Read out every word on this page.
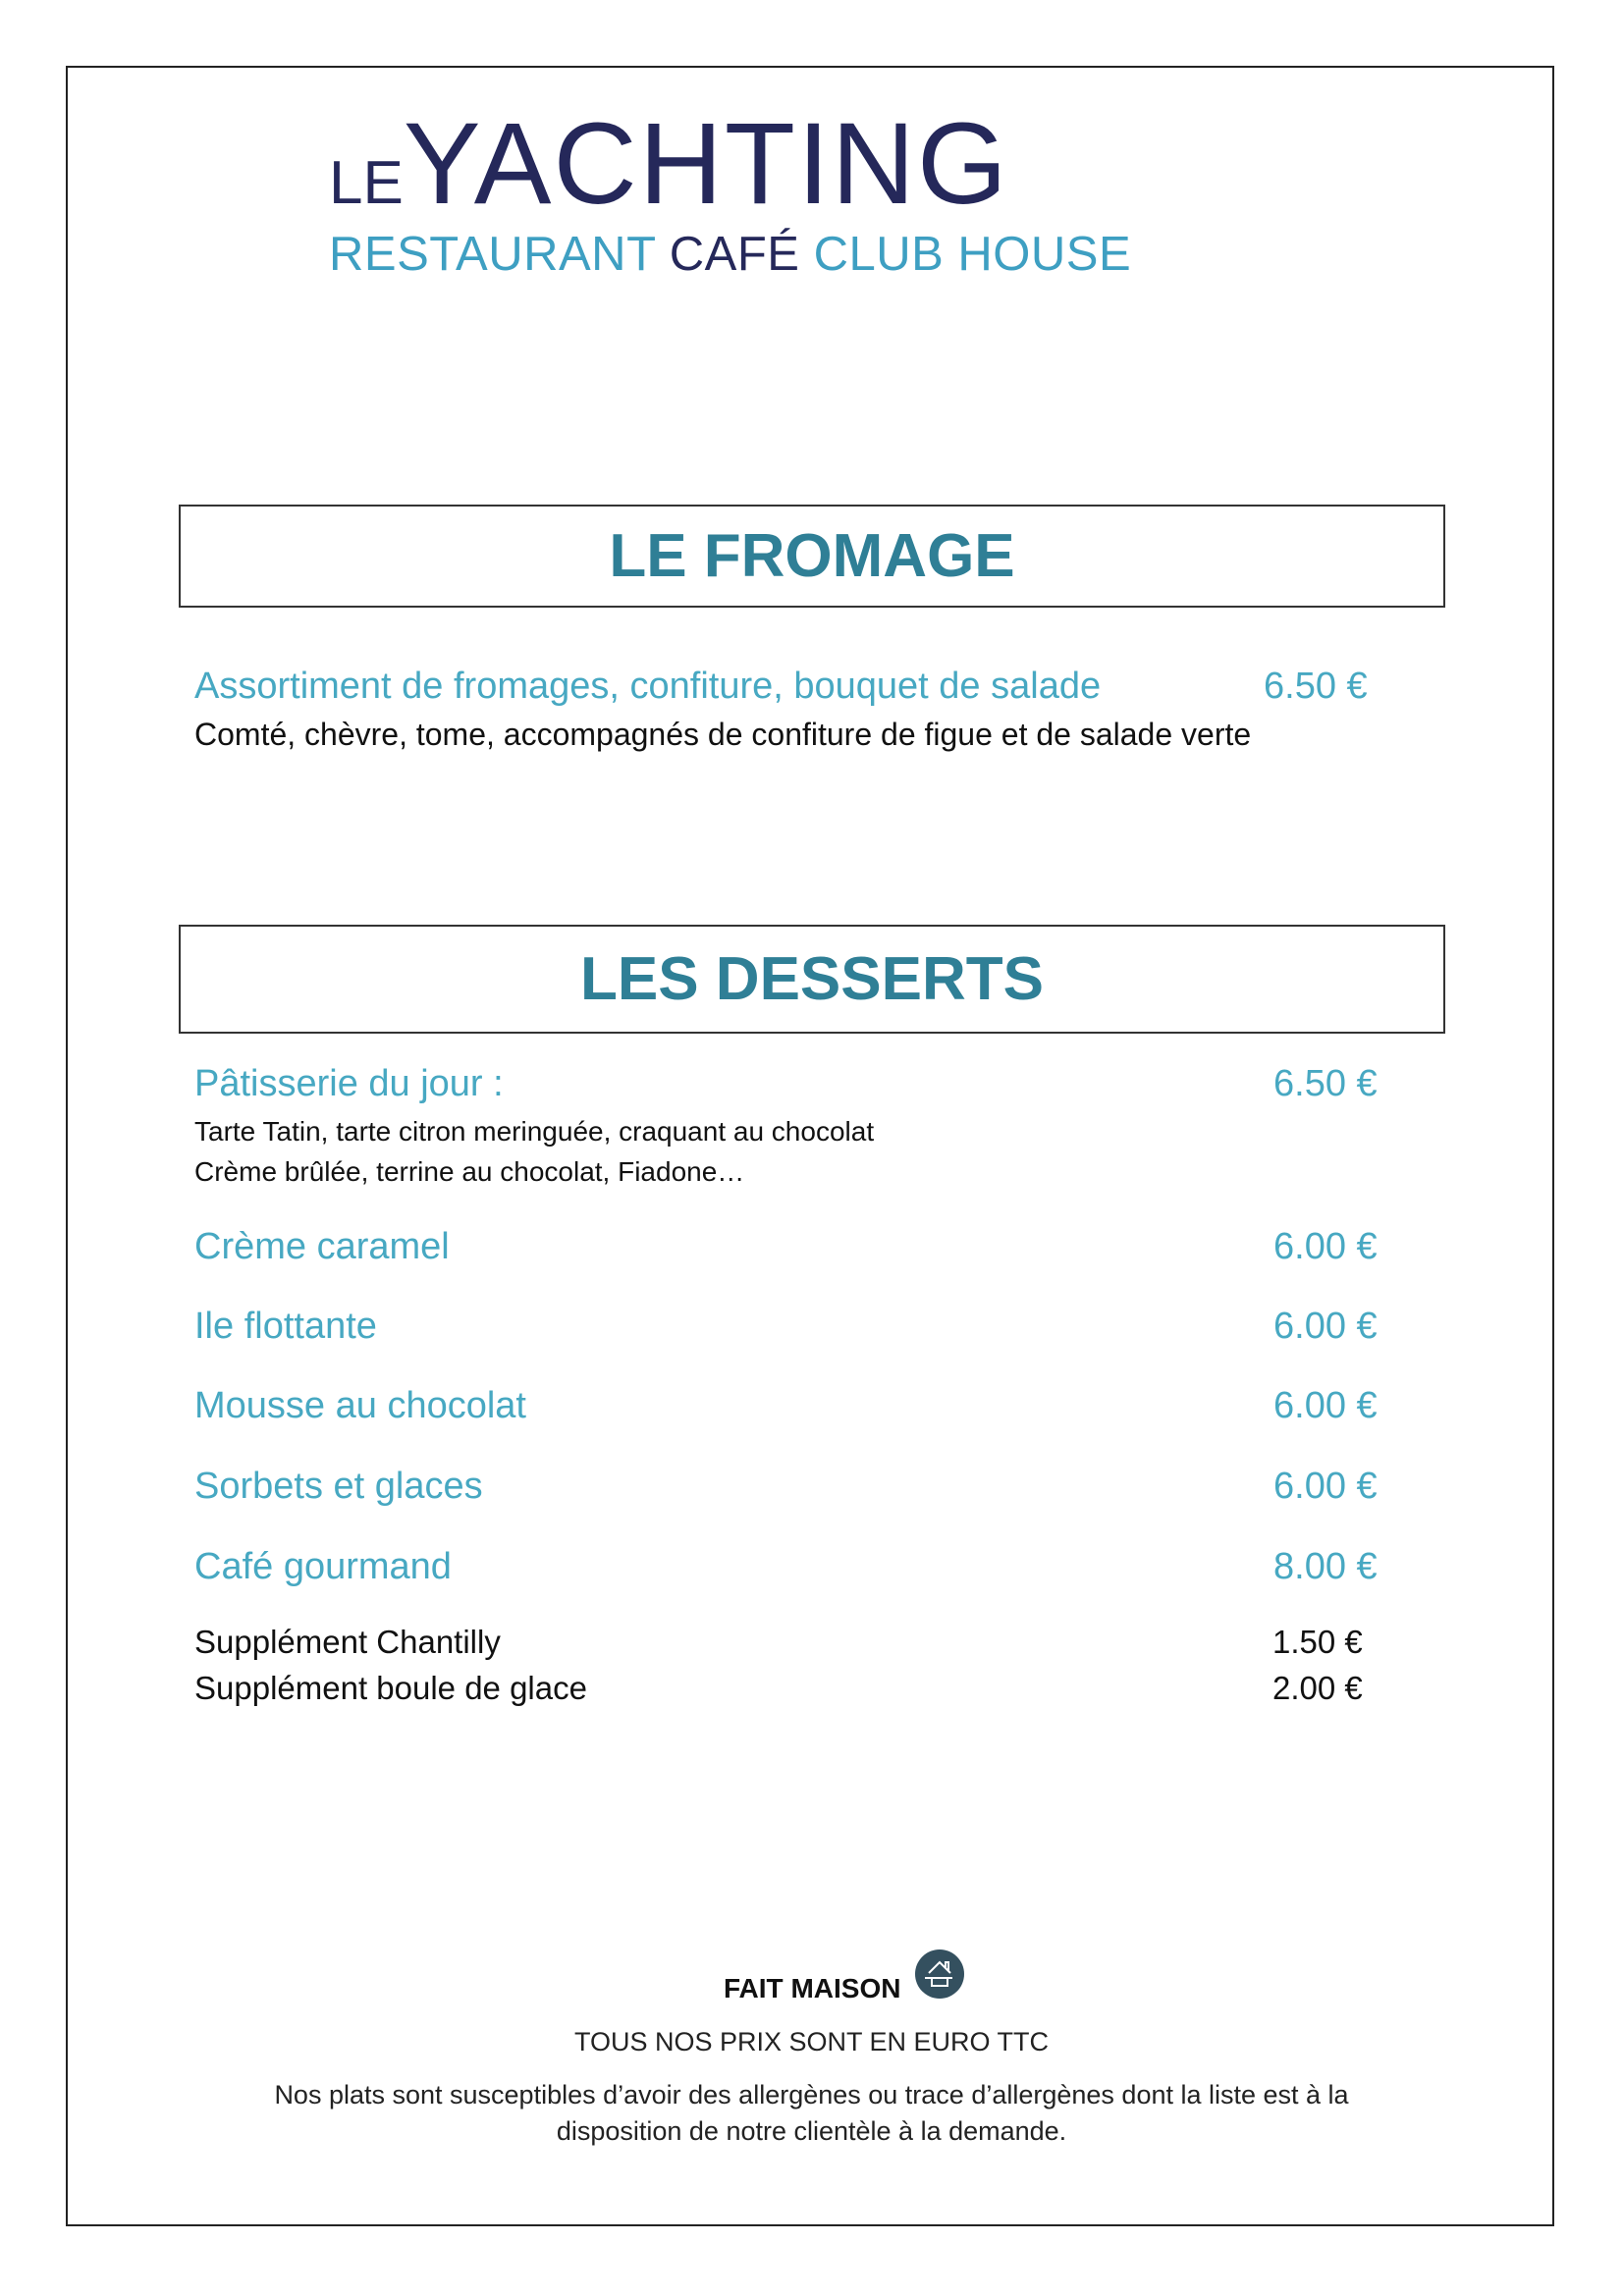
LEYACHTING
RESTAURANT CAFÉ CLUB HOUSE
LE FROMAGE
Assortiment de fromages, confiture, bouquet de salade	6.50 €
Comté, chèvre, tome, accompagnés de confiture de figue et de salade verte
LES DESSERTS
Pâtisserie du jour :	6.50 €
Tarte Tatin, tarte citron meringuée, craquant au chocolat
Crème brûlée, terrine au chocolat, Fiadone…
Crème caramel	6.00 €
Ile flottante	6.00 €
Mousse au chocolat	6.00 €
Sorbets et glaces	6.00 €
Café gourmand	8.00 €
Supplément Chantilly	1.50 €
Supplément boule de glace	2.00 €
FAIT MAISON
TOUS NOS PRIX SONT EN EURO TTC
Nos plats sont susceptibles d’avoir des allergènes ou trace d’allergènes dont la liste est à la
disposition de notre clientèle à la demande.
